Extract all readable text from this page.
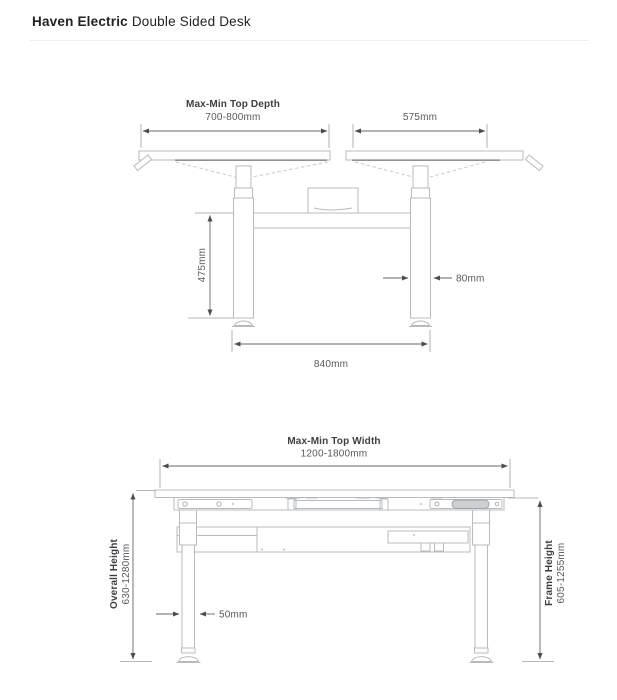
Haven Electric Double Sided Desk
Max-Min Top Depth
700-800mm	575mm
475mm	80mm
840mm
Max-Min Top Width
1200-1800mm
Overall Height 630-1280mm	Frame Height 605-1255mm
50mm
